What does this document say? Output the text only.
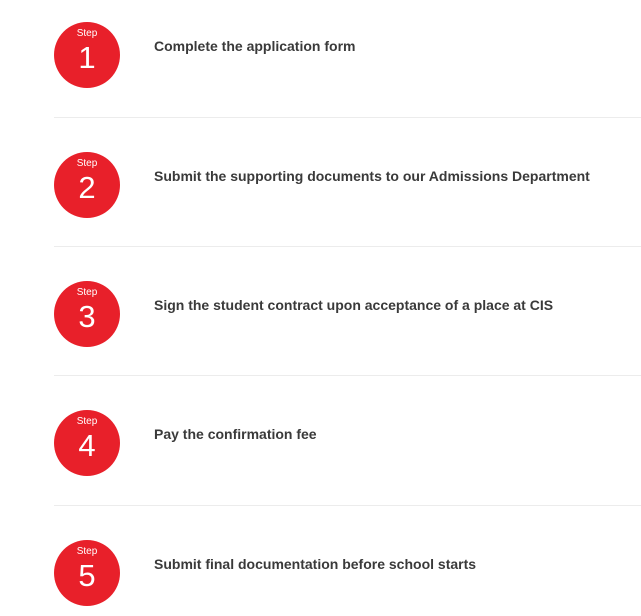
Step
1	Complete the application form
Step
2	Submit the supporting documents to our Admissions Department
Step
3	Sign the student contract upon acceptance of a place at CIS
Step
4	Pay the confirmation fee
Step
5	Submit final documentation before school starts
